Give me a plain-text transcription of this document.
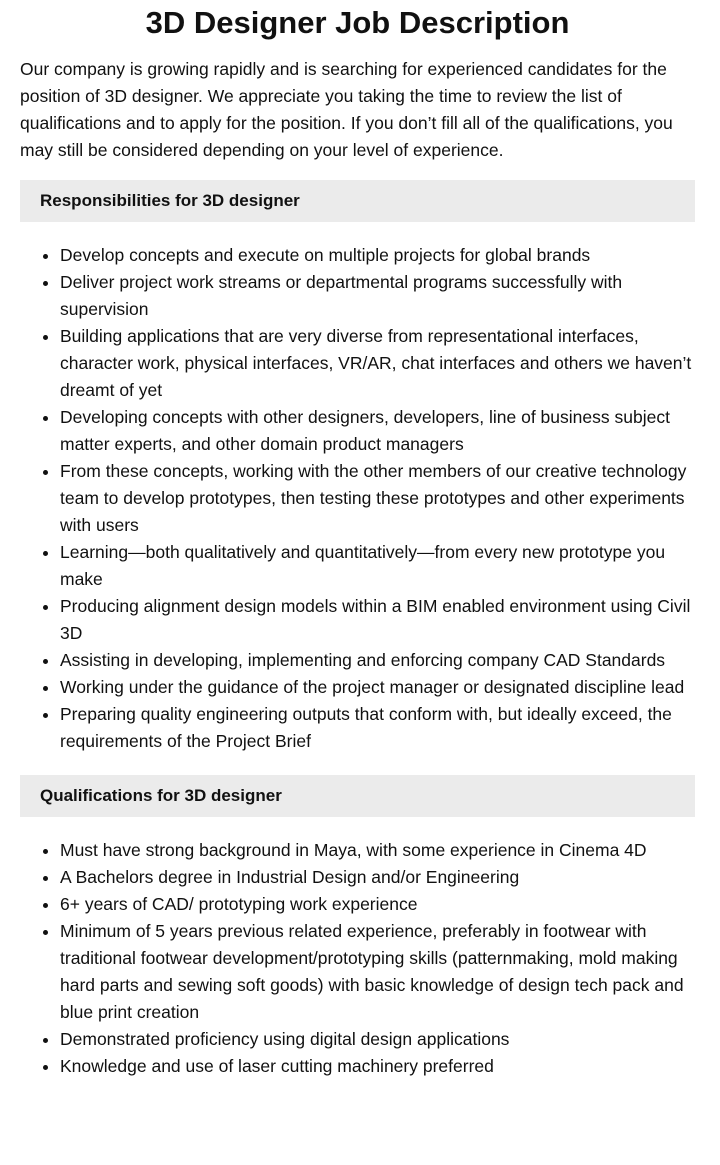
3D Designer Job Description

Our company is growing rapidly and is searching for experienced candidates for the position of 3D designer. We appreciate you taking the time to review the list of qualifications and to apply for the position. If you don’t fill all of the qualifications, you may still be considered depending on your level of experience.

Responsibilities for 3D designer
• Develop concepts and execute on multiple projects for global brands
• Deliver project work streams or departmental programs successfully with supervision
• Building applications that are very diverse from representational interfaces, character work, physical interfaces, VR/AR, chat interfaces and others we haven’t dreamt of yet
• Developing concepts with other designers, developers, line of business subject matter experts, and other domain product managers
• From these concepts, working with the other members of our creative technology team to develop prototypes, then testing these prototypes and other experiments with users
• Learning—both qualitatively and quantitatively—from every new prototype you make
• Producing alignment design models within a BIM enabled environment using Civil 3D
• Assisting in developing, implementing and enforcing company CAD Standards
• Working under the guidance of the project manager or designated discipline lead
• Preparing quality engineering outputs that conform with, but ideally exceed, the requirements of the Project Brief
Qualifications for 3D designer
• Must have strong background in Maya, with some experience in Cinema 4D
• A Bachelors degree in Industrial Design and/or Engineering
• 6+ years of CAD/ prototyping work experience
• Minimum of 5 years previous related experience, preferably in footwear with traditional footwear development/prototyping skills (patternmaking, mold making hard parts and sewing soft goods) with basic knowledge of design tech pack and blue print creation
• Demonstrated proficiency using digital design applications
• Knowledge and use of laser cutting machinery preferred
